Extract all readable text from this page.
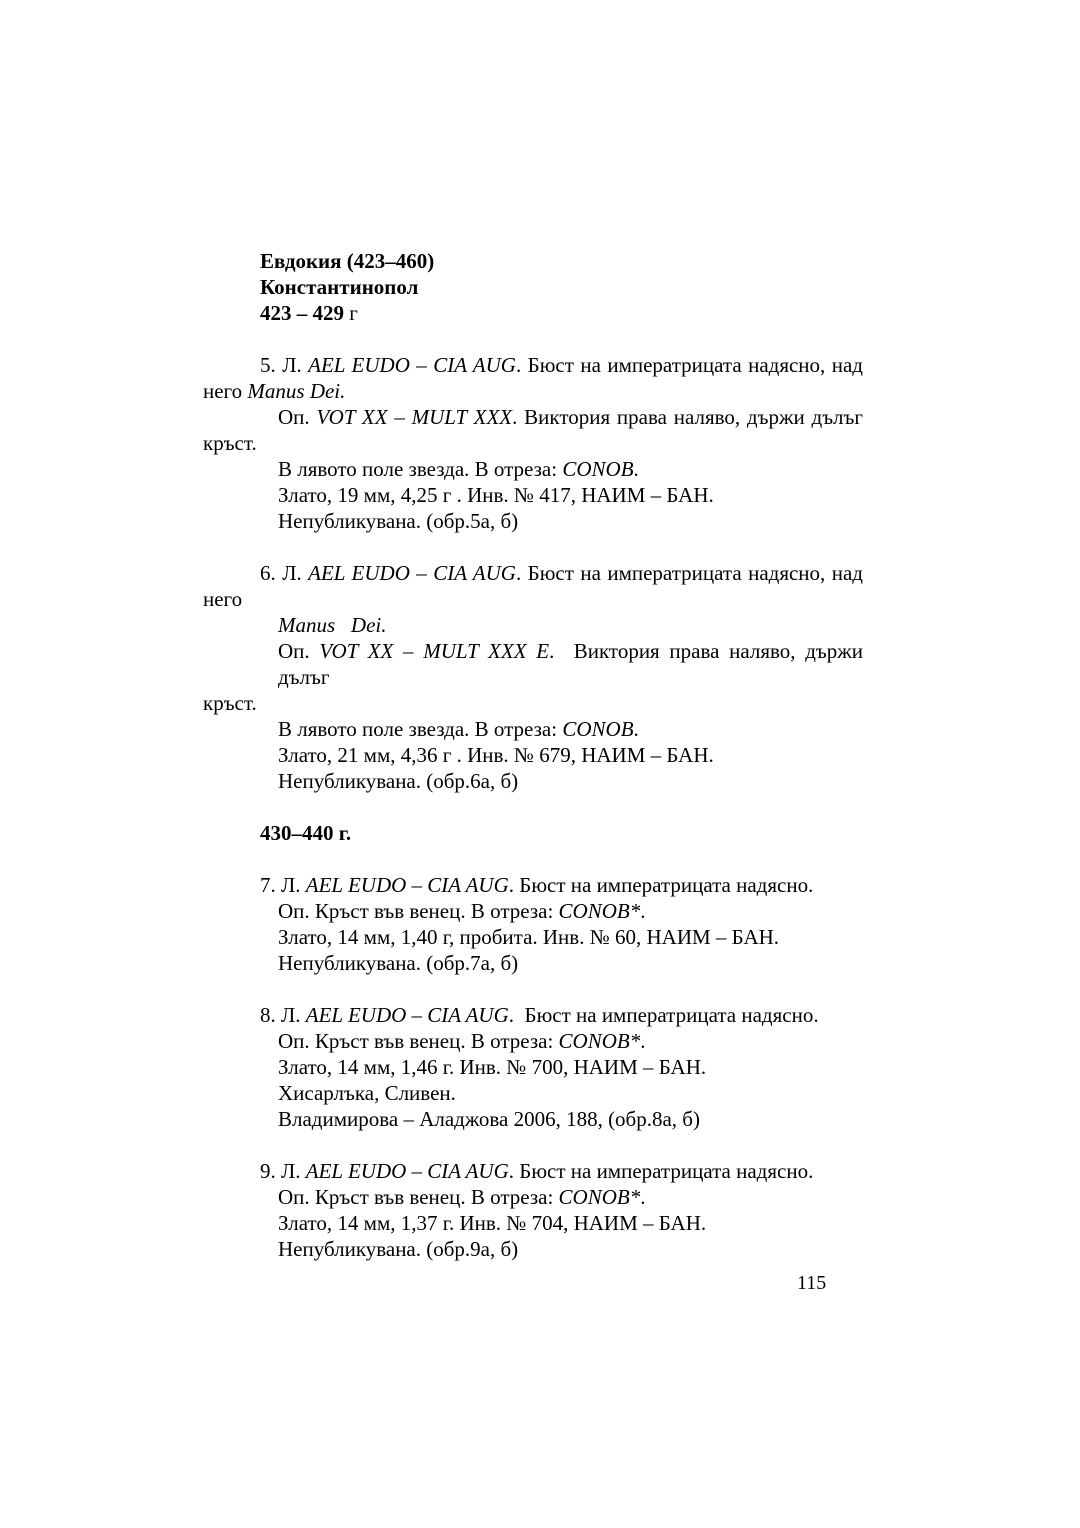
Евдокия (423–460)
Константинопол
423 – 429 г
5. Л. AEL EUDO – CIA AUG. Бюст на императрицата надясно, над
него Manus Dei.
Оп. VOT XX – MULT XXX. Виктория права наляво, държи дълъг
кръст.
В лявото поле звезда. В отреза: CONOB.
Злато, 19 мм, 4,25 г . Инв. № 417, НАИМ – БАН.
Непубликувана. (обр.5а, б)
6. Л. AEL EUDO – CIA AUG. Бюст на императрицата надясно, над
него
Manus   Dei.
Оп. VOT XX – MULT XXX E.  Виктория права наляво, държи дълъг
кръст.
В лявото поле звезда. В отреза: CONOB.
Злато, 21 мм, 4,36 г . Инв. № 679, НАИМ – БАН.
Непубликувана. (обр.6а, б)
430–440 г.
7. Л. AEL EUDO – CIA AUG. Бюст на императрицата надясно.
Оп. Кръст във венец. В отреза: CONOB*.
Злато, 14 мм, 1,40 г, пробита. Инв. № 60, НАИМ – БАН.
Непубликувана. (обр.7а, б)
8. Л. AEL EUDO – CIA AUG.  Бюст на императрицата надясно.
Оп. Кръст във венец. В отреза: CONOB*.
Злато, 14 мм, 1,46 г. Инв. № 700, НАИМ – БАН.
Хисарлъка, Сливен.
Владимирова – Аладжова 2006, 188, (обр.8а, б)
9. Л. AEL EUDO – CIA AUG. Бюст на императрицата надясно.
Оп. Кръст във венец. В отреза: CONOB*.
Злато, 14 мм, 1,37 г. Инв. № 704, НАИМ – БАН.
Непубликувана. (обр.9а, б)
115
